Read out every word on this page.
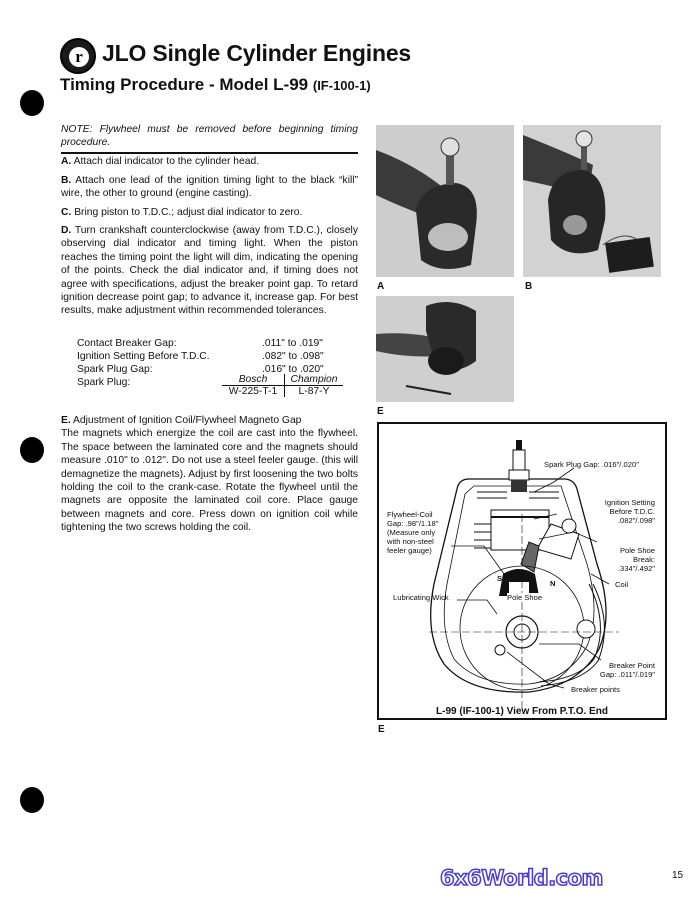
r JLO Single Cylinder Engines
Timing Procedure - Model L-99 (IF-100-1)
NOTE: Flywheel must be removed before beginning timing procedure.
A. Attach dial indicator to the cylinder head.
B. Attach one lead of the ignition timing light to the black “kill” wire, the other to ground (engine casting).
C. Bring piston to T.D.C.; adjust dial indicator to zero.
D. Turn crankshaft counterclockwise (away from T.D.C.), closely observing dial indicator and timing light. When the piston reaches the timing point the light will dim, indicating the opening of the points. Check the dial indicator and, if timing does not agree with specifications, adjust the breaker point gap. To retard ignition decrease point gap; to advance it, increase gap. For best results, make adjustment within recommended tolerances.
Contact Breaker Gap:	.011" to .019"
Ignition Setting Before T.D.C.	.082" to .098"
Spark Plug Gap:	.016" to .020"
Spark Plug:	Bosch	Champion
W-225-T-1	L-87-Y
E. Adjustment of Ignition Coil/Flywheel Magneto Gap
The magnets which energize the coil are cast into the flywheel. The space between the laminated core and the magnets should measure .010" to .012". Do not use a steel feeler gauge. (this will demagnetize the magnets). Adjust by first loosening the two bolts holding the coil to the crank-case. Rotate the flywheel until the magnets are opposite the laminated coil core. Place gauge between magnets and core. Press down on ignition coil while tightening the two screws holding the coil.
A	B
E
Spark Plug Gap: .016"/.020"
Ignition Setting
Before T.D.C.
.082"/.098"
Flywheel-Coil
Gap: .98"/1.18"
(Measure only
with non-steel
feeler gauge)	Pole Shoe
Break:
.334"/.492"
Coil
S
N
Lubricating Wick	Pole Shoe
Breaker Point
Gap: .011"/.019"
Breaker points
L-99 (IF-100-1) View From P.T.O. End
E
6x6World.com	15
